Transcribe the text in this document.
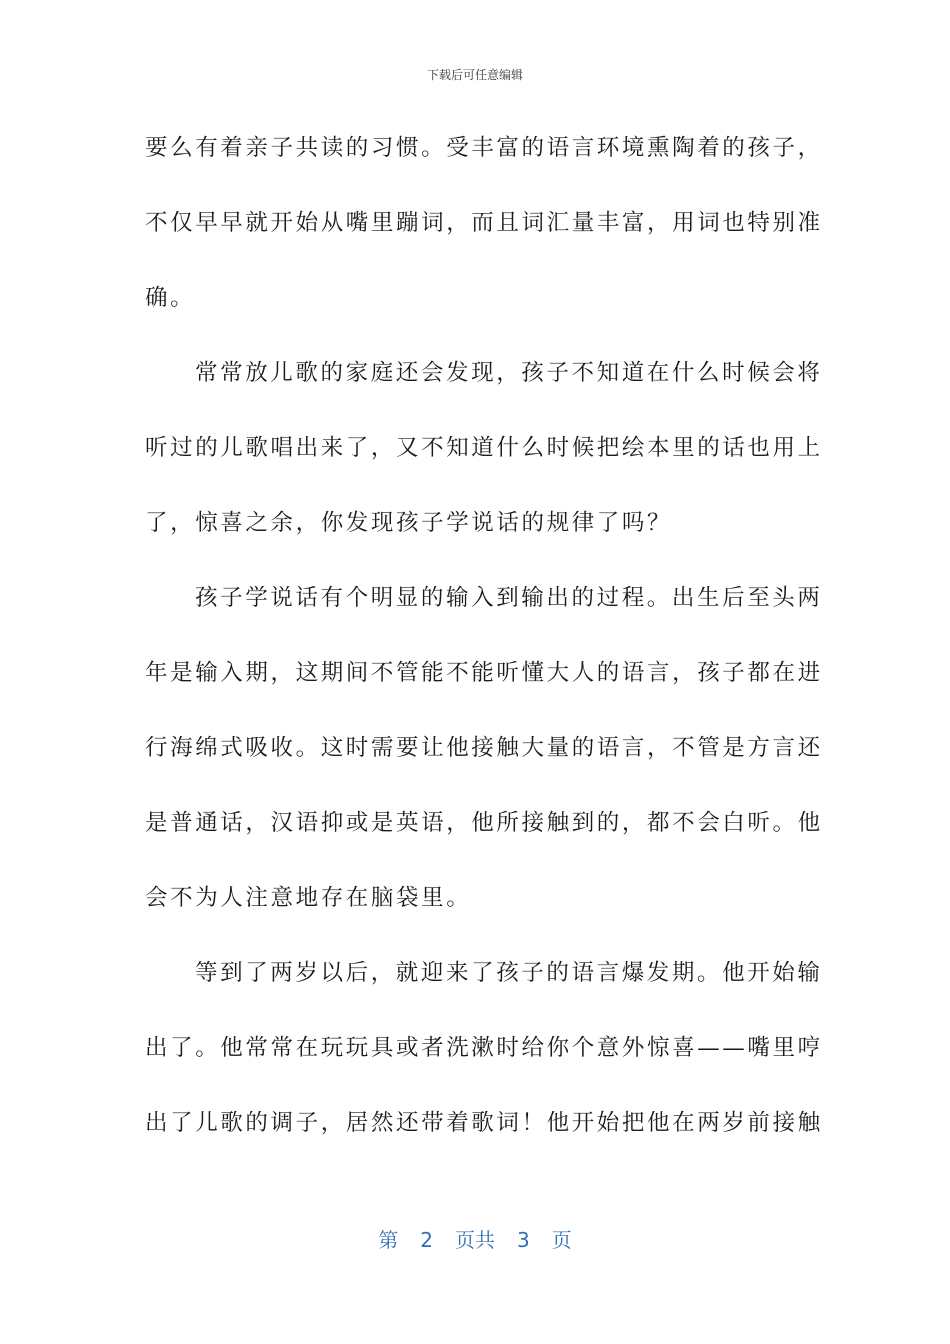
下载后可任意编辑
要么有着亲子共读的习惯。受丰富的语言环境熏陶着的孩子，
不仅早早就开始从嘴里蹦词，而且词汇量丰富，用词也特别准
确。
常常放儿歌的家庭还会发现，孩子不知道在什么时候会将
听过的儿歌唱出来了，又不知道什么时候把绘本里的话也用上
了，惊喜之余，你发现孩子学说话的规律了吗？
孩子学说话有个明显的输入到输出的过程。出生后至头两
年是输入期，这期间不管能不能听懂大人的语言，孩子都在进
行海绵式吸收。这时需要让他接触大量的语言，不管是方言还
是普通话，汉语抑或是英语，他所接触到的，都不会白听。他
会不为人注意地存在脑袋里。
等到了两岁以后，就迎来了孩子的语言爆发期。他开始输
出了。他常常在玩玩具或者洗漱时给你个意外惊喜——嘴里哼
出了儿歌的调子，居然还带着歌词！他开始把他在两岁前接触
第 2 页共 3 页
